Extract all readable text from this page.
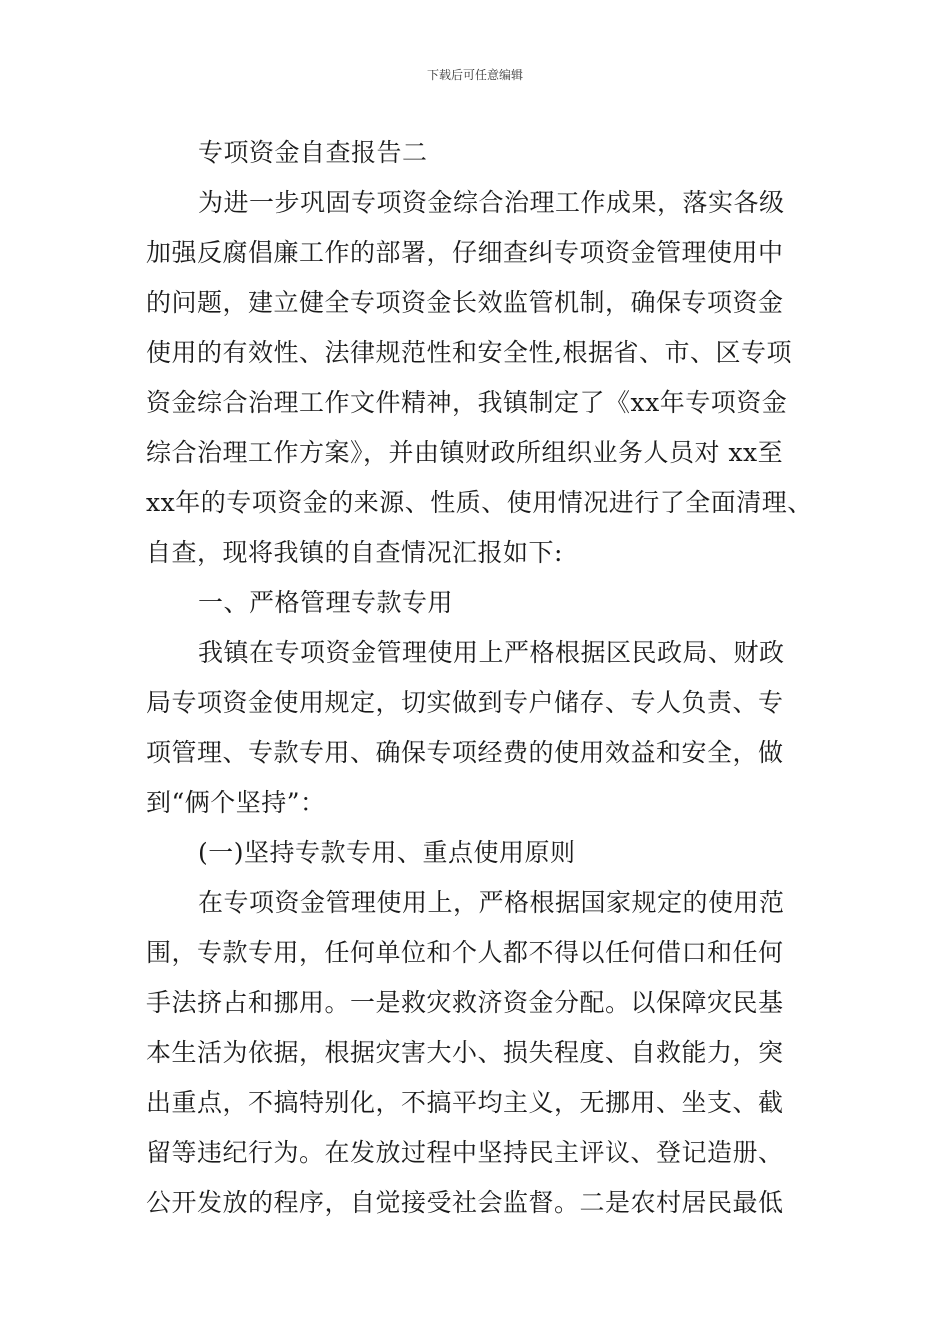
下载后可任意编辑
专项资金自查报告二
为进一步巩固专项资金综合治理工作成果，落实各级
加强反腐倡廉工作的部署，仔细查纠专项资金管理使用中
的问题，建立健全专项资金长效监管机制，确保专项资金
使用的有效性、法律规范性和安全性,根据省、市、区专项
资金综合治理工作文件精神，我镇制定了《xx年专项资金
综合治理工作方案》，并由镇财政所组织业务人员对 xx至
xx年的专项资金的来源、性质、使用情况进行了全面清理、
自查，现将我镇的自查情况汇报如下:
一、严格管理专款专用
我镇在专项资金管理使用上严格根据区民政局、财政
局专项资金使用规定，切实做到专户储存、专人负责、专
项管理、专款专用、确保专项经费的使用效益和安全，做
到“俩个坚持”：
(一)坚持专款专用、重点使用原则
在专项资金管理使用上，严格根据国家规定的使用范
围，专款专用，任何单位和个人都不得以任何借口和任何
手法挤占和挪用。一是救灾救济资金分配。以保障灾民基
本生活为依据，根据灾害大小、损失程度、自救能力，突
出重点，不搞特别化，不搞平均主义，无挪用、坐支、截
留等违纪行为。在发放过程中坚持民主评议、登记造册、
公开发放的程序，自觉接受社会监督。二是农村居民最低
